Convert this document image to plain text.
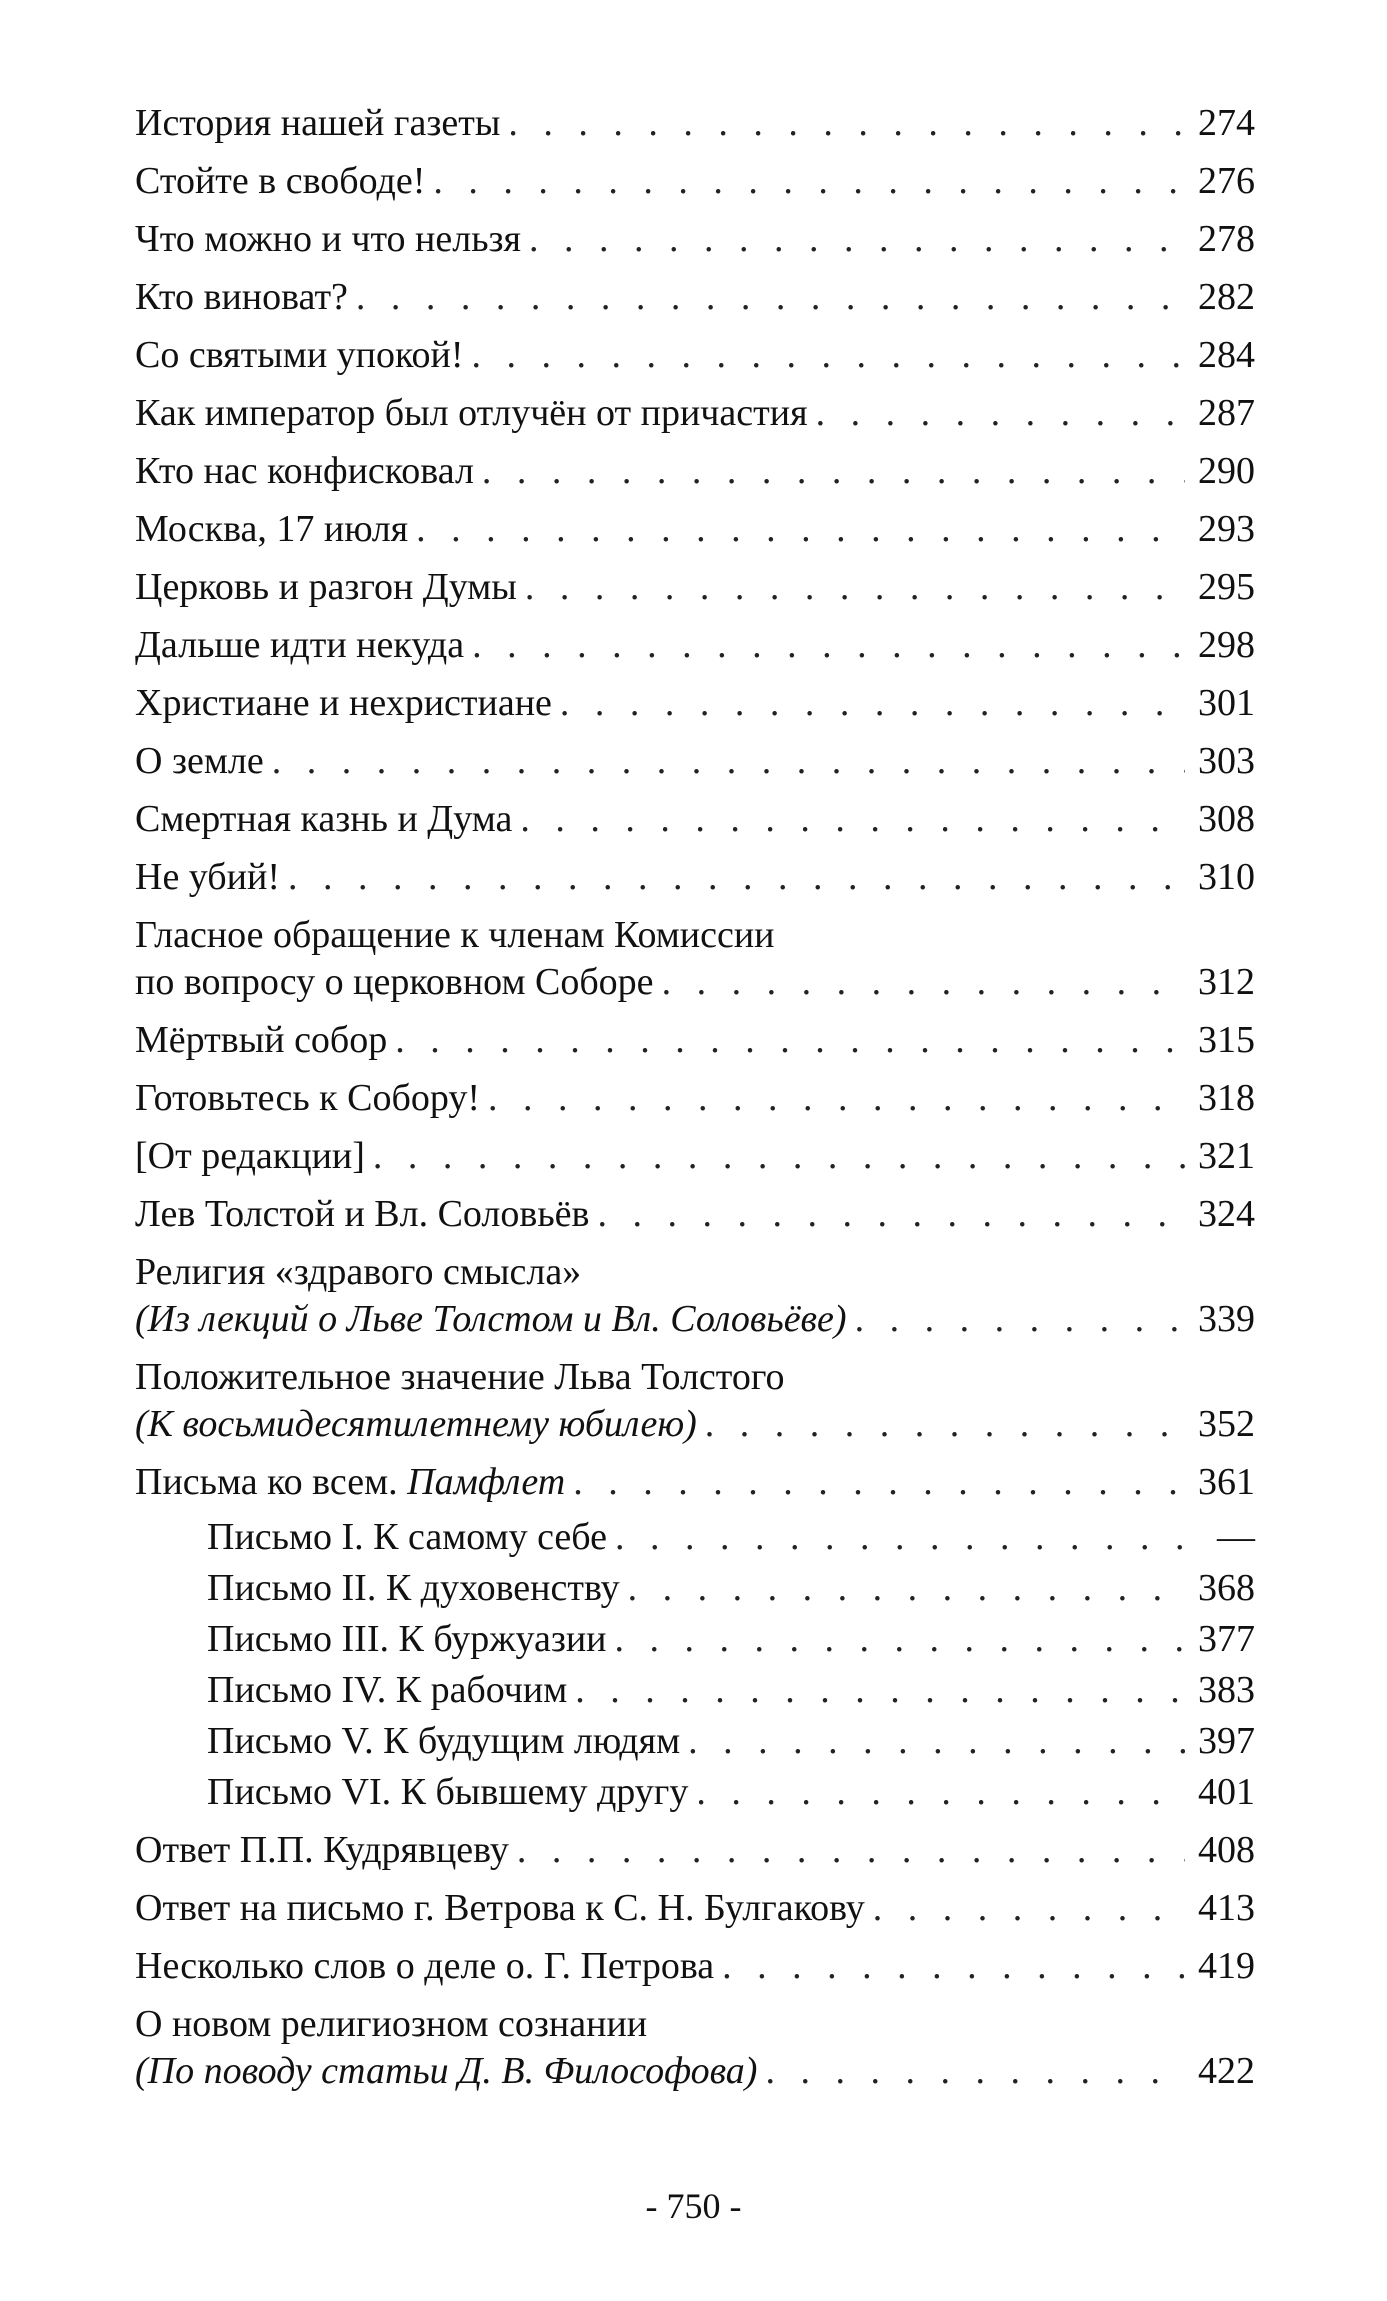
История нашей газеты . . .	274
Стойте в свободе! . . .	276
Что можно и что нельзя . . .	278
Кто виноват? . . .	282
Со святыми упокой! . . .	284
Как император был отлучён от причастия . . .	287
Кто нас конфисковал . . .	290
Москва, 17 июля . . .	293
Церковь и разгон Думы . . .	295
Дальше идти некуда . . .	298
Христиане и нехристиане . . .	301
О земле . . .	303
Смертная казнь и Дума . . .	308
Не убий! . . .	310
Гласное обращение к членам Комиссии
по вопросу о церковном Соборе . . .	312
Мёртвый собор . . .	315
Готовьтесь к Собору! . . .	318
[От редакции] . . .	321
Лев Толстой и Вл. Соловьёв . . .	324
Религия «здравого смысла»
(Из лекций о Льве Толстом и Вл. Соловьёве) . . .	339
Положительное значение Льва Толстого
(К восьмидесятилетнему юбилею) . . .	352
Письма ко всем. Памфлет . . .	361
Письмо I. К самому себе . . .	—
Письмо II. К духовенству . . .	368
Письмо III. К буржуазии . . .	377
Письмо IV. К рабочим . . .	383
Письмо V. К будущим людям . . .	397
Письмо VI. К бывшему другу . . .	401
Ответ П.П. Кудрявцеву . . .	408
Ответ на письмо г. Ветрова к С. Н. Булгакову . . .	413
Несколько слов о деле о. Г. Петрова . . .	419
О новом религиозном сознании
(По поводу статьи Д. В. Философова) . . .	422
- 750 -
